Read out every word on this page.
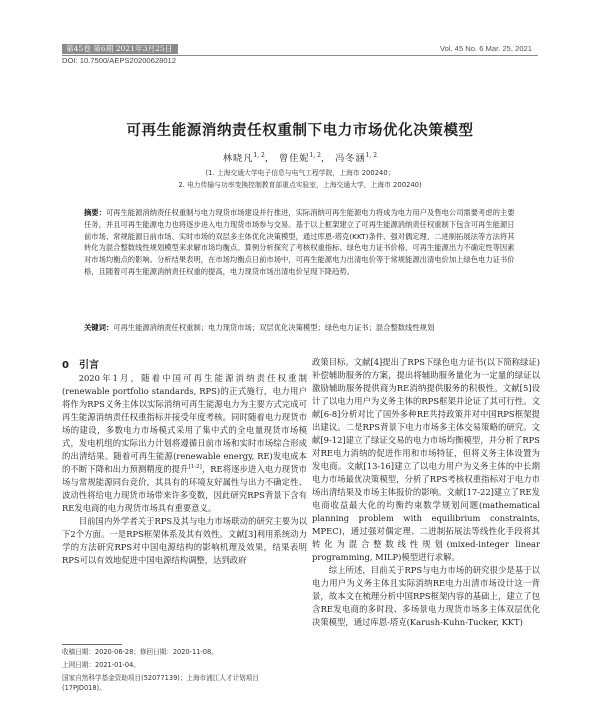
第45卷 第6期 2021年3月25日	Vol. 45 No. 6 Mar. 25, 2021
DOI: 10.7500/AEPS20200628012
可再生能源消纳责任权重制下电力市场优化决策模型
林晓凡$^{1, 2}$， 曾佳妮$^{1, 2}$， 冯冬涵$^{1, 2}$
(1. 上海交通大学电子信息与电气工程学院，上海市 200240；
2. 电力传输与功率变换控制教育部重点实验室，上海交通大学，上海市 200240)

摘要：可再生能源消纳责任权重制与电力现货市场建设并行推进，实际消纳可再生能源电力将成为电力用户及售电公司需要考虑的主要任务，并且可再生能源电力也将逐步进入电力现货市场参与交易。基于以上框架建立了可再生能源消纳责任权重制下包含可再生能源日前市场、常规能源日前市场、实时市场的双层多主体优化决策模型，通过库恩-塔克(KKT)条件、强对偶定理、二进制拓展法等方法将其转化为混合整数线性规划模型来求解市场均衡点。算例分析探究了考核权重指标、绿色电力证书价格、可再生能源出力不确定性等因素对市场均衡点的影响。分析结果表明，在市场均衡点日前市场中，可再生能源电力出清电价等于常规能源出清电价加上绿色电力证书价格，且随着可再生能源消纳责任权重的提高，电力现货市场出清电价呈现下降趋势。

关键词：可再生能源消纳责任权重制；电力现货市场；双层优化决策模型；绿色电力证书；混合整数线性规划

0 引言

2020年1月，随着中国可再生能源消纳责任权重制(renewable portfolio standards, RPS)的正式施行，电力用户将作为RPS义务主体以实际消纳可再生能源电力为主要方式完成可再生能源消纳责任权重指标并接受年度考核。同时随着电力现货市场的建设，多数电力市场模式采用了集中式的全电量现货市场模式，发电机组的实际出力计划将遵循日前市场和实时市场综合形成的出清结果。随着可再生能源(renewable energy, RE)发电成本的不断下降和出力预测精度的提升[1-2]，RE将逐步进入电力现货市场与常规能源同台竞价，其具有的环境友好属性与出力不确定性、波动性将给电力现货市场带来许多变数，因此研究RPS背景下含有RE发电商的电力现货市场具有重要意义。

目前国内外学者关于RPS及其与电力市场联动的研究主要为以下2个方面。一是RPS框架体系及其有效性。文献[3]利用系统动力学的方法研究RPS对中国电源结构的影响机理及效果，结果表明RPS可以有效地促进中国电源结构调整，达到政府

政策目标。文献[4]提出了RPS下绿色电力证书(以下简称绿证)补偿辅助服务的方案，提出将辅助服务量化为一定量的绿证以激励辅助服务提供商为RE消纳提供服务的积极性。文献[5]设计了以电力用户为义务主体的RPS框架并论证了其可行性。文献[6-8]分析对比了国外多种RE共持政策并对中国RPS框架提出建议。二是RPS背景下电力市场多主体交易策略的研究。文献[9-12]建立了绿证交易的电力市场均衡模型，并分析了RPS对RE电力消纳的促进作用和市场特征，但将义务主体设置为发电商。文献[13-16]建立了以电力用户为义务主体的中长期电力市场最优决策模型，分析了RPS考核权重指标对于电力市场出清结果及市场主体报价的影响。文献[17-22]建立了RE发电商收益最大化的均衡约束数学规划问题(mathematical planning problem with equilibrium constraints, MPEC)，通过强对偶定理、二进制拓展法等线性化手段将其转化为混合整数线性规划(mixed-integer linear programming, MILP)模型进行求解。

综上所述，目前关于RPS与电力市场的研究很少是基于以电力用户为义务主体且实际消纳RE电力出清市场设计这一背景，故本文在梳理分析中国RPS框架内容的基础上，建立了包含RE发电商的多时段、多场景电力现货市场多主体双层优化决策模型，通过库恩-塔克(Karush-Kuhn-Tucker, KKT)

收稿日期：2020-06-28；修回日期：2020-11-08。
上网日期：2021-01-04。
国家自然科学基金资助项目(52077139)；上海市浦江人才计划项目(17PJD018)。
